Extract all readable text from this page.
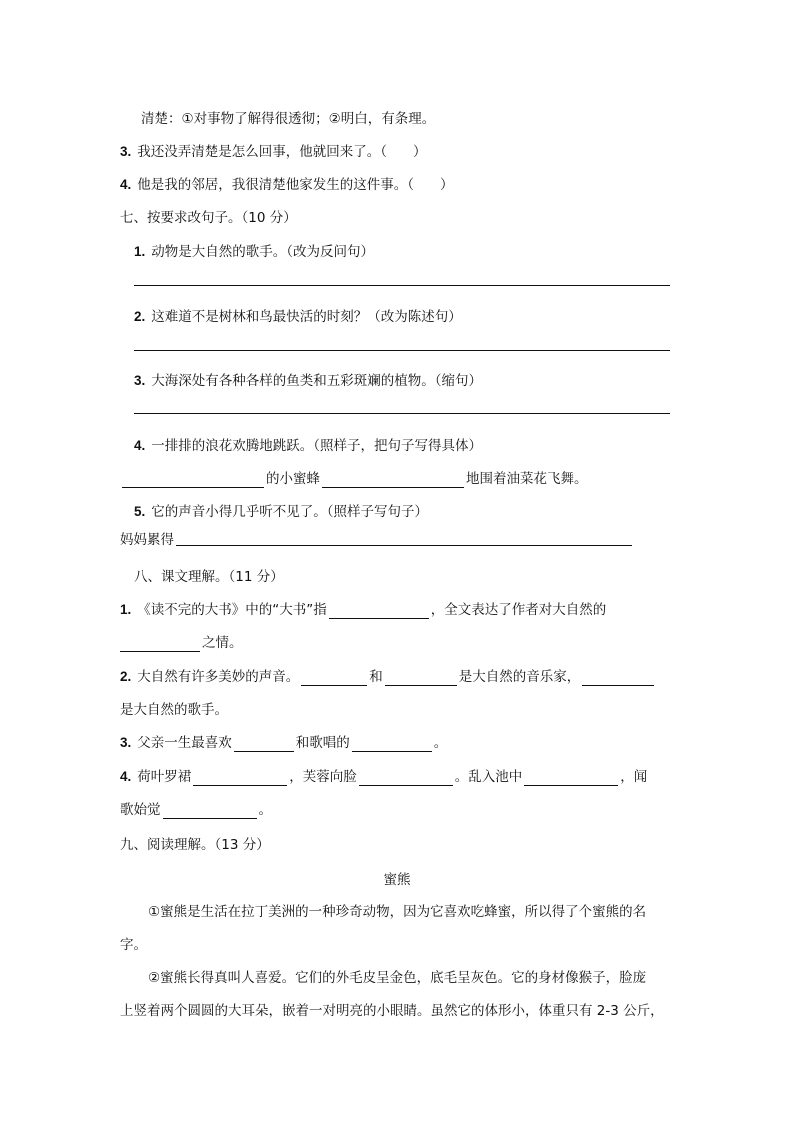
清楚：①对事物了解得很透彻；②明白，有条理。
3. 我还没弄清楚是怎么回事，他就回来了。（ ）
4. 他是我的邻居，我很清楚他家发生的这件事。（ ）
七、按要求改句子。（10 分）
1. 动物是大自然的歌手。（改为反问句）
2. 这难道不是树林和鸟最快活的时刻？（改为陈述句）
3. 大海深处有各种各样的鱼类和五彩斑斓的植物。（缩句）
4. 一排排的浪花欢腾地跳跃。（照样子，把句子写得具体）
的小蜜蜂	地围着油菜花飞舞。
5. 它的声音小得几乎听不见了。（照样子写句子）
妈妈累得
八、课文理解。（11 分）
1. 《读不完的大书》中的“大书”指	，全文表达了作者对大自然的
之情。
2. 大自然有许多美妙的声音。	和	是大自然的音乐家，
是大自然的歌手。
3. 父亲一生最喜欢	和歌唱的	。
4. 荷叶罗裙	，芙蓉向脸	。乱入池中	，闻
歌始觉	。
九、阅读理解。（13 分）
蜜熊
①蜜熊是生活在拉丁美洲的一种珍奇动物，因为它喜欢吃蜂蜜，所以得了个蜜熊的名
字。
②蜜熊长得真叫人喜爱。它们的外毛皮呈金色，底毛呈灰色。它的身材像猴子，脸庞
上竖着两个圆圆的大耳朵，嵌着一对明亮的小眼睛。虽然它的体形小，体重只有 2-3 公斤，
